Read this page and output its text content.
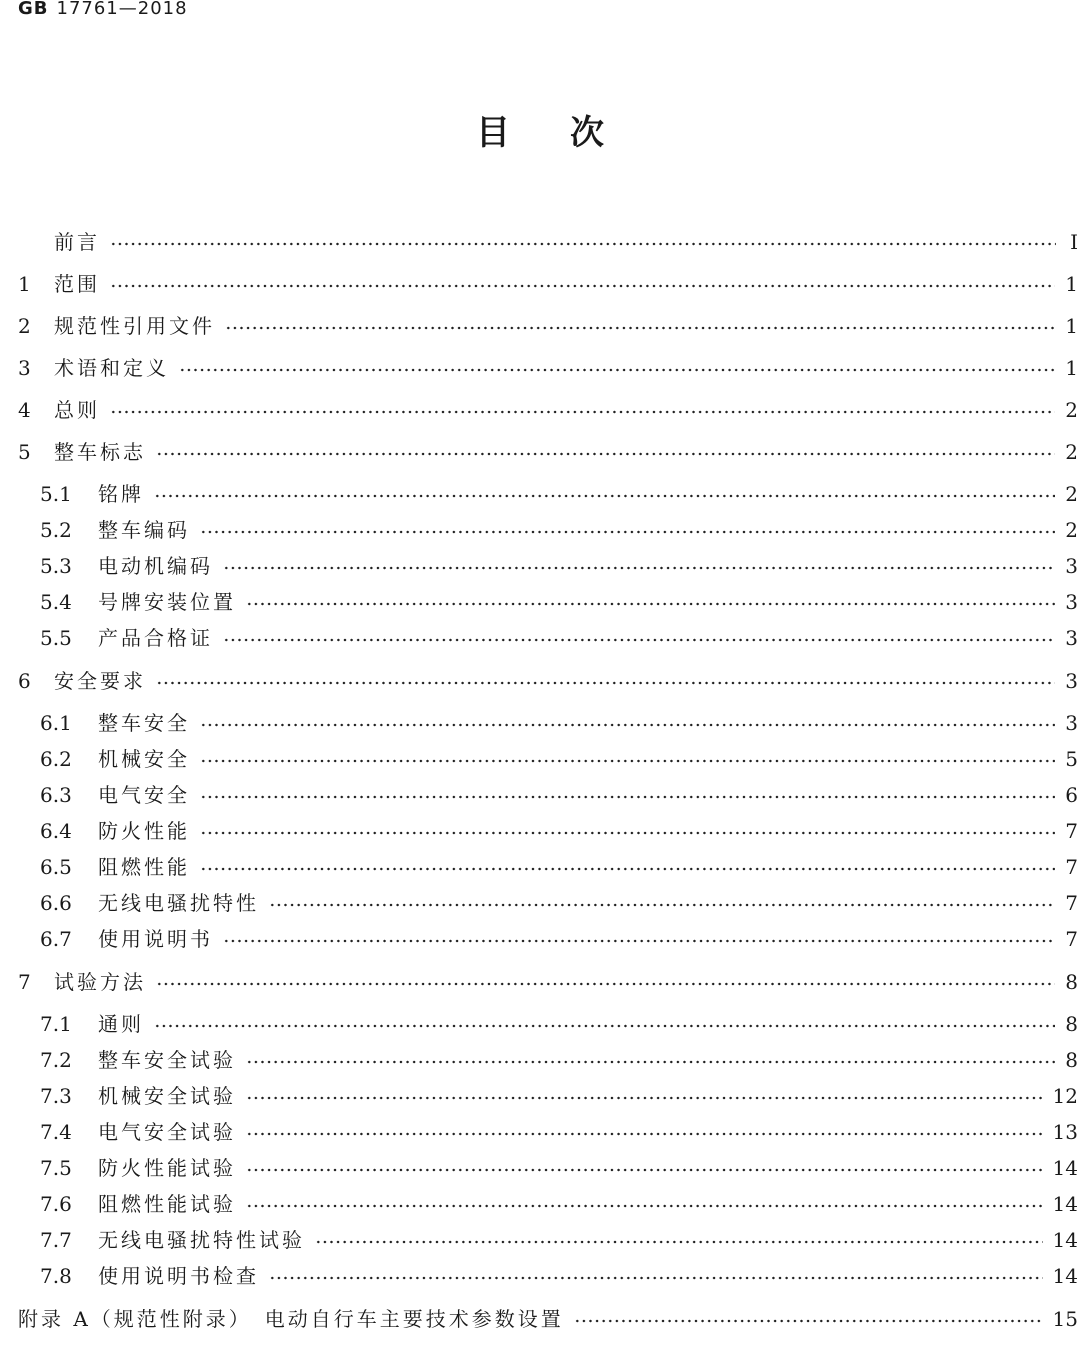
GB 17761—2018
目 次
前言	Ⅰ
1	范围	1
2	规范性引用文件	1
3	术语和定义	1
4	总则	2
5	整车标志	2
5.1	铭牌	2
5.2	整车编码	2
5.3	电动机编码	3
5.4	号牌安装位置	3
5.5	产品合格证	3
6	安全要求	3
6.1	整车安全	3
6.2	机械安全	5
6.3	电气安全	6
6.4	防火性能	7
6.5	阻燃性能	7
6.6	无线电骚扰特性	7
6.7	使用说明书	7
7	试验方法	8
7.1	通则	8
7.2	整车安全试验	8
7.3	机械安全试验	12
7.4	电气安全试验	13
7.5	防火性能试验	14
7.6	阻燃性能试验	14
7.7	无线电骚扰特性试验	14
7.8	使用说明书检查	14
附录 A（规范性附录）　电动自行车主要技术参数设置	15
